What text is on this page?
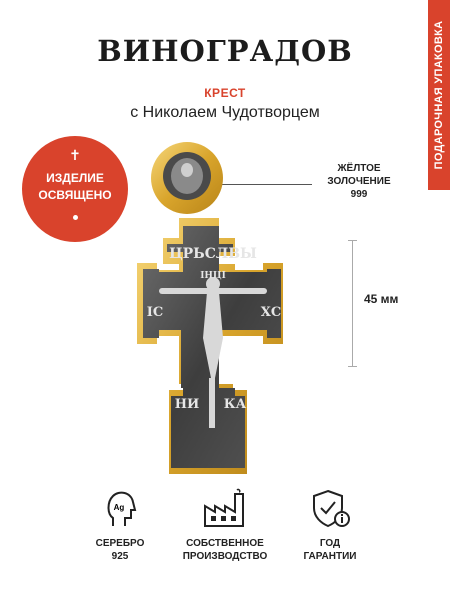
ВИНОГРАДОВ
КРЕСТ
с Николаем Чудотворцем	ПОДАРОЧНАЯ УПАКОВКА
✝
ИЗДЕЛИЕ
ОСВЯЩЕНО
ЖЁЛТОЕ
ЗОЛОЧЕНИЕ
999
45 мм
ЦРЬСЛВЫ
IНЦI
IС	ХС
НИ КА
Ag
СЕРЕБРО
925
СОБСТВЕННОЕ
ПРОИЗВОДСТВО
ГОД
ГАРАНТИИ
